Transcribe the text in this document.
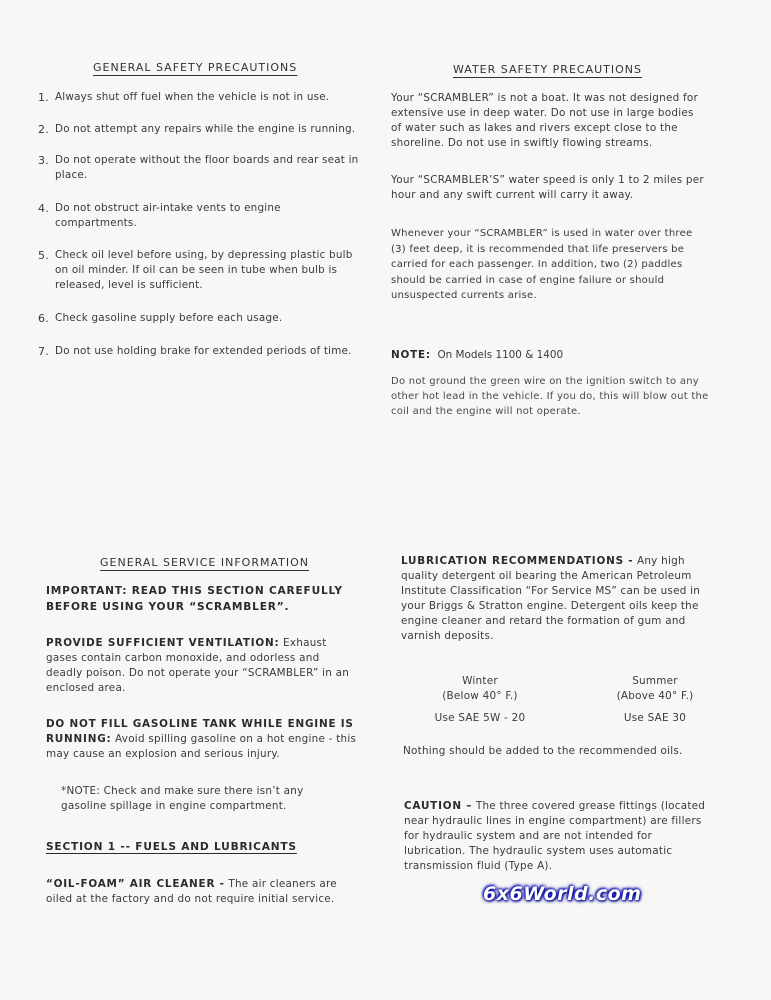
GENERAL SAFETY PRECAUTIONS
1. Always shut off fuel when the vehicle is not in use.
2. Do not attempt any repairs while the engine is running.
3. Do not operate without the floor boards and rear seat in place.
4. Do not obstruct air-intake vents to engine compartments.
5. Check oil level before using, by depressing plastic bulb on oil minder. If oil can be seen in tube when bulb is released, level is sufficient.
6. Check gasoline supply before each usage.
7. Do not use holding brake for extended periods of time.
WATER SAFETY PRECAUTIONS
Your “SCRAMBLER” is not a boat. It was not designed for extensive use in deep water. Do not use in large bodies of water such as lakes and rivers except close to the shoreline. Do not use in swiftly flowing streams.
Your “SCRAMBLER’S” water speed is only 1 to 2 miles per hour and any swift current will carry it away.
Whenever your “SCRAMBLER” is used in water over three (3) feet deep, it is recommended that life preservers be carried for each passenger. In addition, two (2) paddles should be carried in case of engine failure or should unsuspected currents arise.
NOTE: On Models 1100 & 1400
Do not ground the green wire on the ignition switch to any other hot lead in the vehicle. If you do, this will blow out the coil and the engine will not operate.
GENERAL SERVICE INFORMATION
IMPORTANT: READ THIS SECTION CAREFULLY BEFORE USING YOUR “SCRAMBLER”.
PROVIDE SUFFICIENT VENTILATION: Exhaust gases contain carbon monoxide, and odorless and deadly poison. Do not operate your “SCRAMBLER” in an enclosed area.
DO NOT FILL GASOLINE TANK WHILE ENGINE IS RUNNING: Avoid spilling gasoline on a hot engine - this may cause an explosion and serious injury.
*NOTE: Check and make sure there isn’t any gasoline spillage in engine compartment.
SECTION 1 -- FUELS AND LUBRICANTS
“OIL-FOAM” AIR CLEANER - The air cleaners are oiled at the factory and do not require initial service.
LUBRICATION RECOMMENDATIONS - Any high quality detergent oil bearing the American Petroleum Institute Classification “For Service MS” can be used in your Briggs & Stratton engine. Detergent oils keep the engine cleaner and retard the formation of gum and varnish deposits.
Winter
(Below 40° F.)
Use SAE 5W - 20
Summer
(Above 40° F.)
Use SAE 30
Nothing should be added to the recommended oils.
CAUTION – The three covered grease fittings (located near hydraulic lines in engine compartment) are fillers for hydraulic system and are not intended for lubrication. The hydraulic system uses automatic transmission fluid (Type A).
6x6World.com
